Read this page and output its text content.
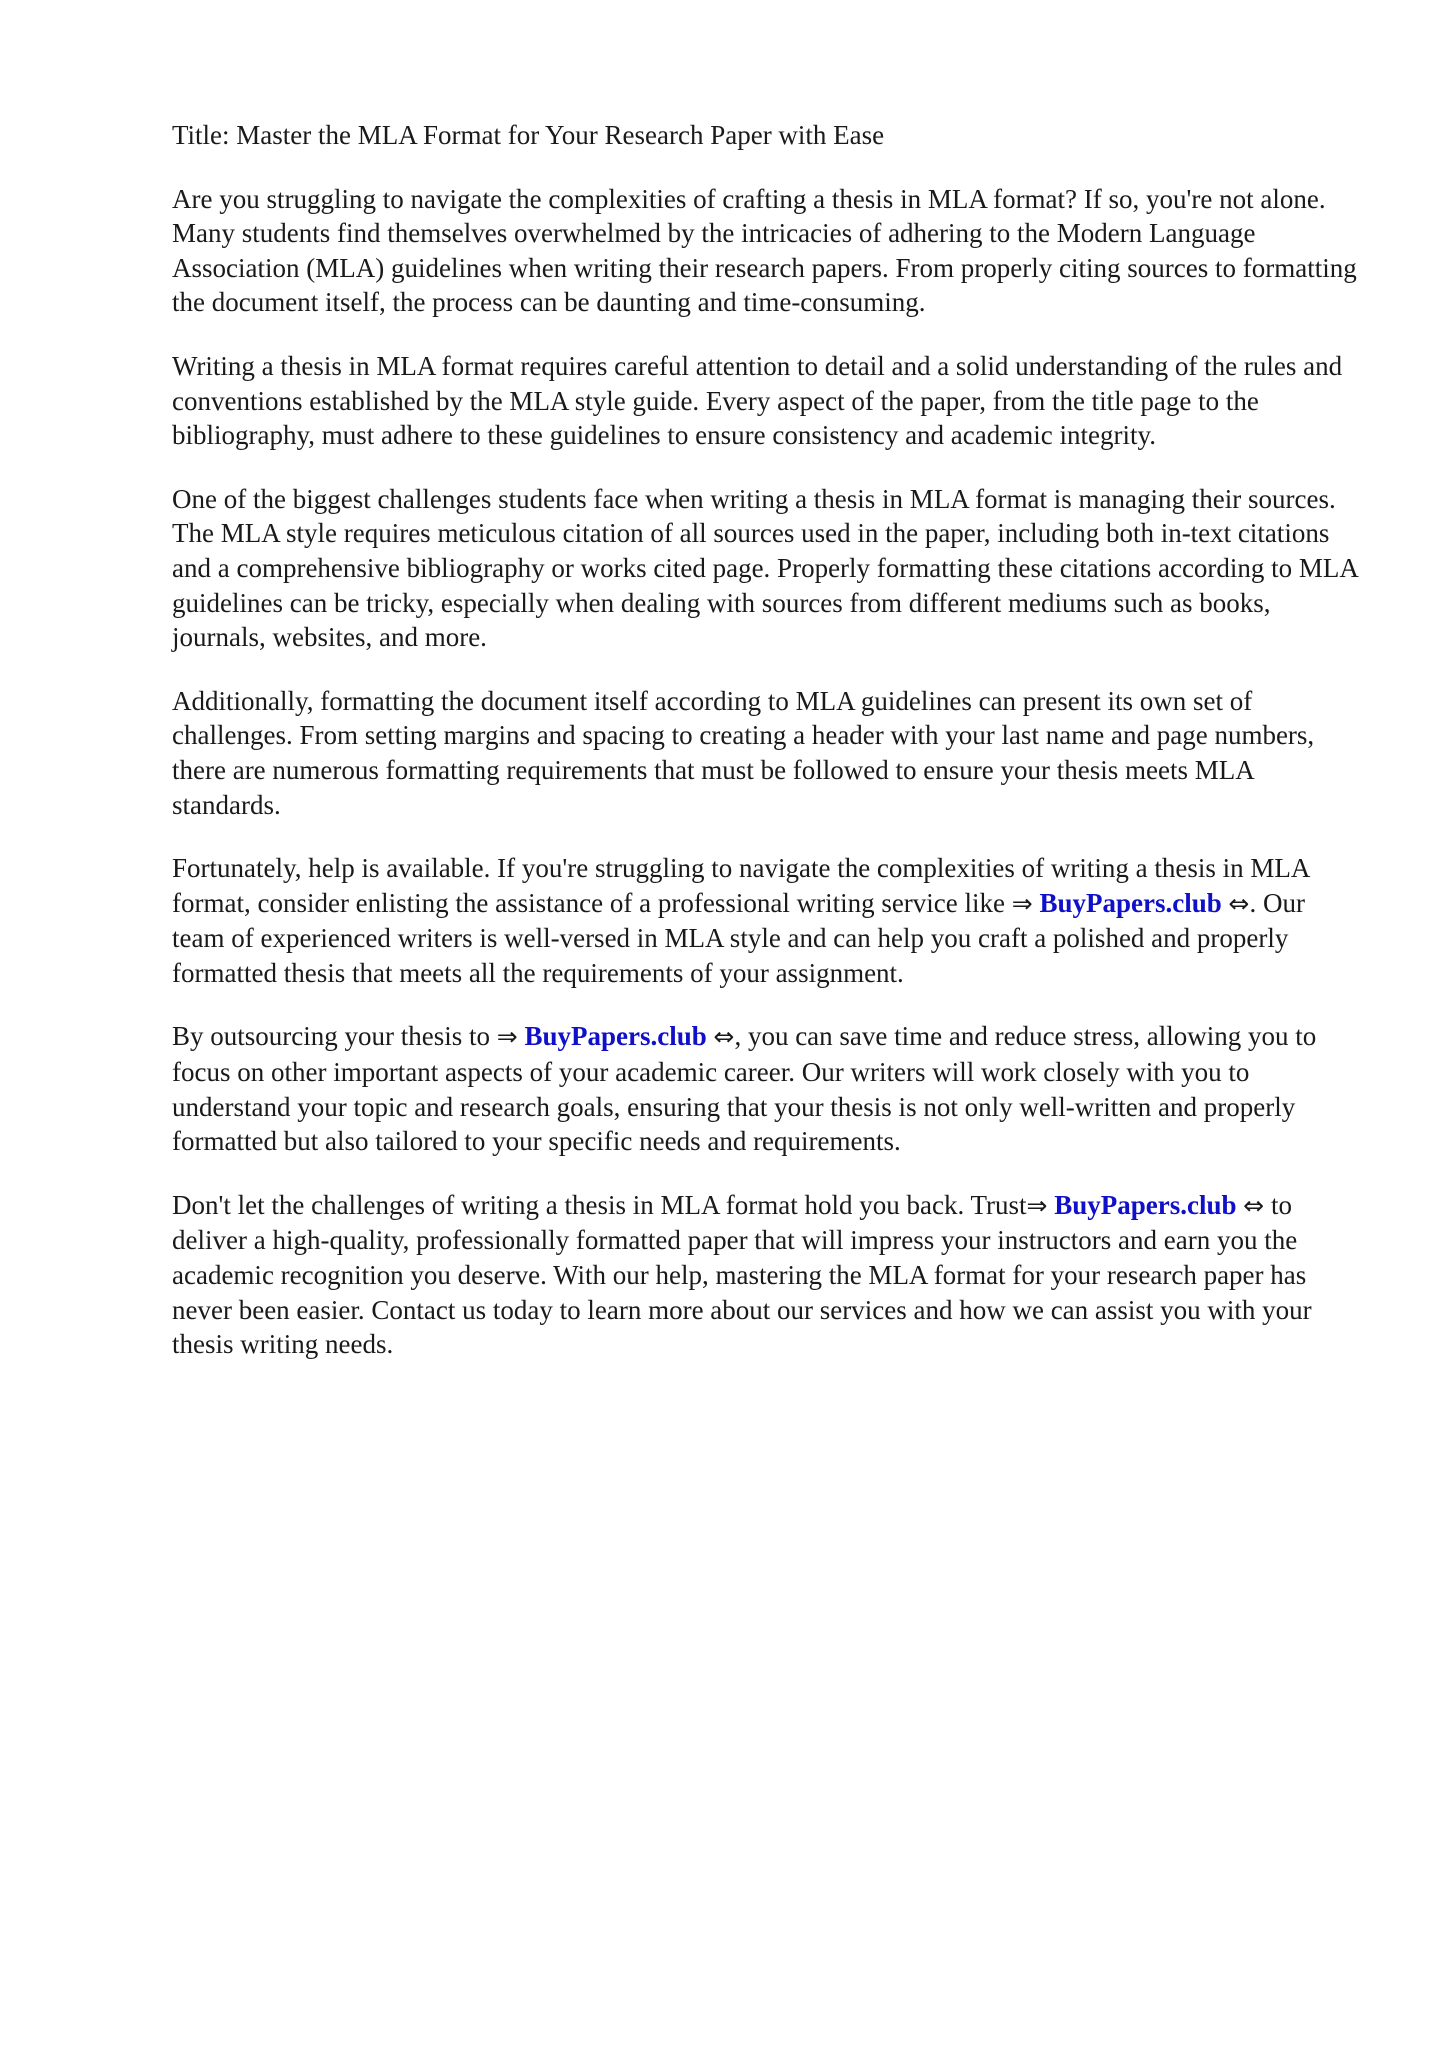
Title: Master the MLA Format for Your Research Paper with Ease

Are you struggling to navigate the complexities of crafting a thesis in MLA format? If so, you're not alone. Many students find themselves overwhelmed by the intricacies of adhering to the Modern Language Association (MLA) guidelines when writing their research papers. From properly citing sources to formatting the document itself, the process can be daunting and time-consuming.

Writing a thesis in MLA format requires careful attention to detail and a solid understanding of the rules and conventions established by the MLA style guide. Every aspect of the paper, from the title page to the bibliography, must adhere to these guidelines to ensure consistency and academic integrity.

One of the biggest challenges students face when writing a thesis in MLA format is managing their sources. The MLA style requires meticulous citation of all sources used in the paper, including both in-text citations and a comprehensive bibliography or works cited page. Properly formatting these citations according to MLA guidelines can be tricky, especially when dealing with sources from different mediums such as books, journals, websites, and more.

Additionally, formatting the document itself according to MLA guidelines can present its own set of challenges. From setting margins and spacing to creating a header with your last name and page numbers, there are numerous formatting requirements that must be followed to ensure your thesis meets MLA standards.

Fortunately, help is available. If you're struggling to navigate the complexities of writing a thesis in MLA format, consider enlisting the assistance of a professional writing service like ⇒ BuyPapers.club ⇔. Our team of experienced writers is well-versed in MLA style and can help you craft a polished and properly formatted thesis that meets all the requirements of your assignment.

By outsourcing your thesis to ⇒ BuyPapers.club ⇔, you can save time and reduce stress, allowing you to focus on other important aspects of your academic career. Our writers will work closely with you to understand your topic and research goals, ensuring that your thesis is not only well-written and properly formatted but also tailored to your specific needs and requirements.

Don't let the challenges of writing a thesis in MLA format hold you back. Trust⇒ BuyPapers.club ⇔ to deliver a high-quality, professionally formatted paper that will impress your instructors and earn you the academic recognition you deserve. With our help, mastering the MLA format for your research paper has never been easier. Contact us today to learn more about our services and how we can assist you with your thesis writing needs.
